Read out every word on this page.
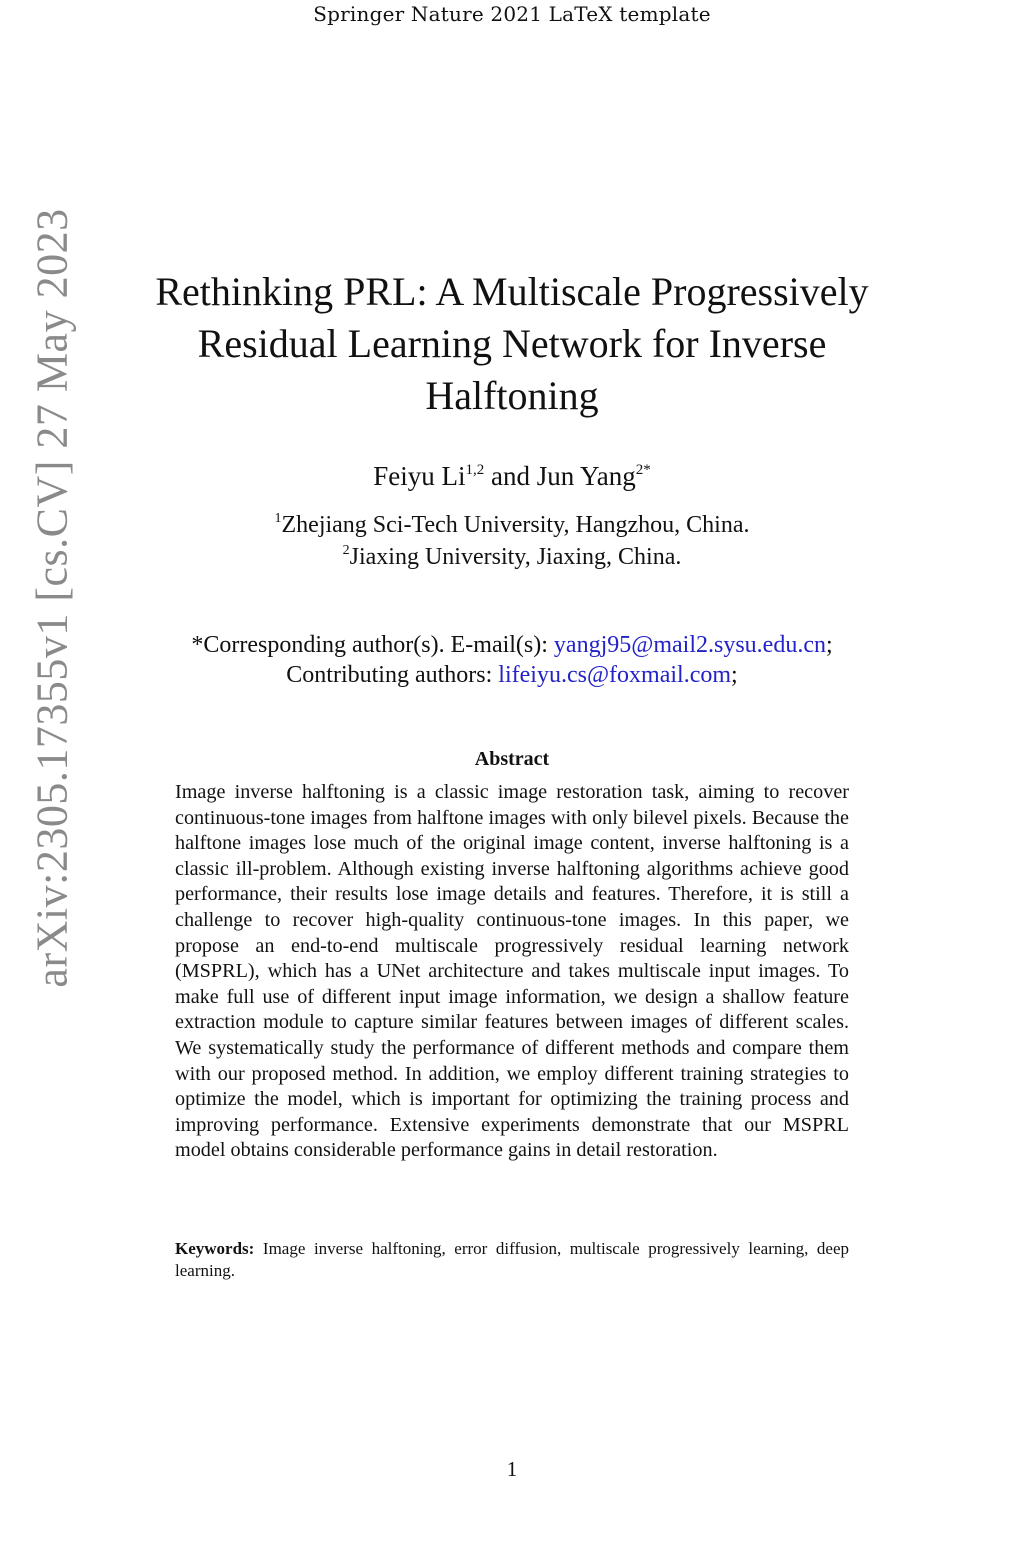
Springer Nature 2021 LaTeX template
arXiv:2305.17355v1 [cs.CV] 27 May 2023	Rethinking PRL: A Multiscale Progressively
Residual Learning Network for Inverse
Halftoning
Feiyu Li$^{1,2}$ and Jun Yang$^{2*}$
$^1$Zhejiang Sci-Tech University, Hangzhou, China.
$^2$Jiaxing University, Jiaxing, China.
*Corresponding author(s). E-mail(s): yangj95@mail2.sysu.edu.cn;
Contributing authors: lifeiyu.cs@foxmail.com;
Abstract
Image inverse halftoning is a classic image restoration task, aiming to recover continuous-tone images from halftone images with only bilevel pixels. Because the halftone images lose much of the original image content, inverse halftoning is a classic ill-problem. Although existing inverse halftoning algorithms achieve good performance, their results lose image details and features. Therefore, it is still a challenge to recover high-quality continuous-tone images. In this paper, we propose an end-to-end multiscale progressively residual learning network (MSPRL), which has a UNet architecture and takes multiscale input images. To make full use of different input image information, we design a shallow feature extraction module to capture similar features between images of different scales. We systematically study the performance of different methods and compare them with our proposed method. In addition, we employ different training strategies to optimize the model, which is important for optimizing the training process and improving performance. Extensive experiments demonstrate that our MSPRL model obtains considerable performance gains in detail restoration.
Keywords: Image inverse halftoning, error diffusion, multiscale progressively learning, deep learning.
1
